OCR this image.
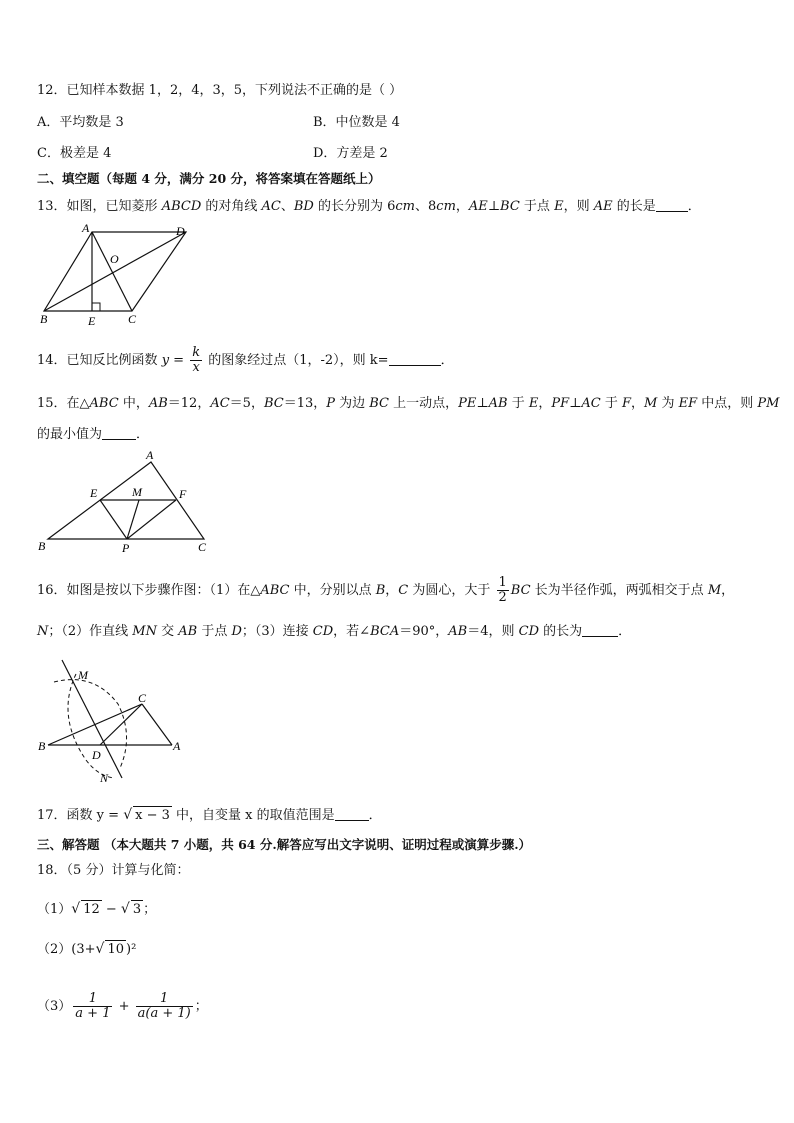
12．已知样本数据 1，2，4，3，5，下列说法不正确的是（ ）
A．平均数是 3	B．中位数是 4
C．极差是 4	D．方差是 2
二、填空题（每题 4 分，满分 20 分，将答案填在答题纸上）
13．如图，已知菱形 ABCD 的对角线 AC、BD 的长分别为 6cm、8cm，AE⊥BC 于点 E，则 AE 的长是 ．
A	D
O
B	E	C
14．已知反比例函数 $y = \frac{k}{x}$ 的图象经过点（1，-2），则 k=	．
15．在△ABC 中，AB＝12，AC＝5，BC＝13，P 为边 BC 上一动点，PE⊥AB 于 E，PF⊥AC 于 F，M 为 EF 中点，则 PM
的最小值为	．
A
E	M	F
B	P	C
16．如图是按以下步骤作图：（1）在△ABC 中，分别以点 B，C 为圆心，大于 $\frac{1}{2}$ BC 长为半径作弧，两弧相交于点 M，
N；（2）作直线 MN 交 AB 于点 D；（3）连接 CD，若∠BCA＝90°，AB＝4，则 CD 的长为	．
M
C
B
D
A
N
17．函数 y = √ x − 3 中，自变量 x 的取值范围是	．
三、解答题 （本大题共 7 小题，共 64 分.解答应写出文字说明、证明过程或演算步骤.）
18．（5 分）计算与化简：
（1）√ 12 − √ 3 ；
（2）(3+√ 10 )²
$(3) \frac{1}{a + 1} + \frac{1}{a(a + 1)}$ ；
